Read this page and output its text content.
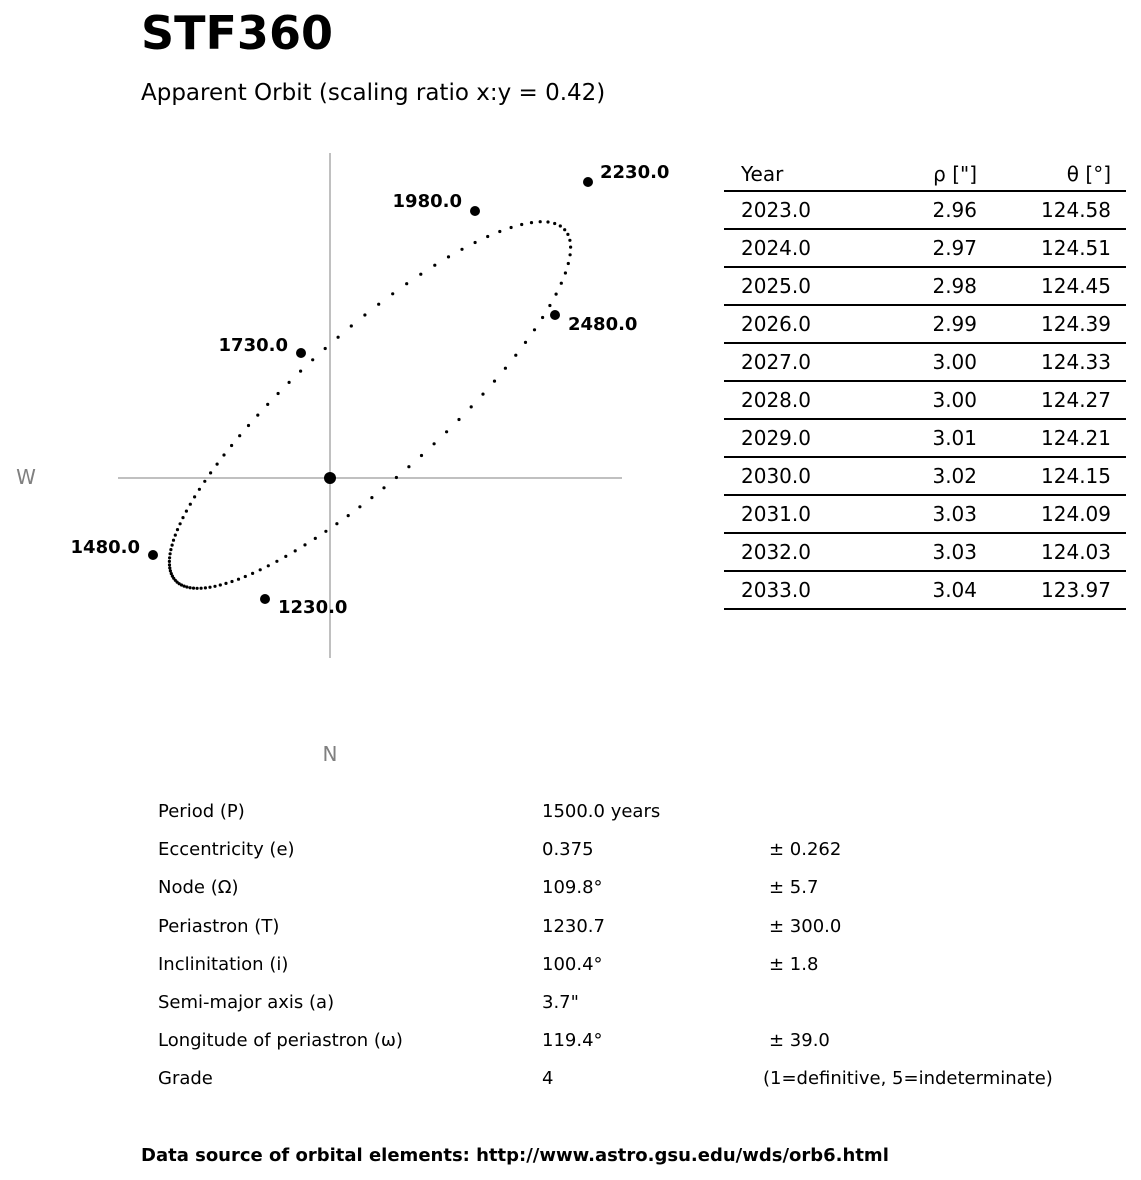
STF360
Apparent Orbit (scaling ratio x:y = 0.42)
1230.0
1480.0
1730.0
1980.0
2230.0
2480.0
W
N
Year	ρ ["]	θ [°]
2023.0	2.96	124.58
2024.0	2.97	124.51
2025.0	2.98	124.45
2026.0	2.99	124.39
2027.0	3.00	124.33
2028.0	3.00	124.27
2029.0	3.01	124.21
2030.0	3.02	124.15
2031.0	3.03	124.09
2032.0	3.03	124.03
2033.0	3.04	123.97
Period (P)	1500.0 years
Eccentricity (e)	0.375	± 0.262
Node (Ω)	109.8°	± 5.7
Periastron (T)	1230.7	± 300.0
Inclinitation (i)	100.4°	± 1.8
Semi-major axis (a)	3.7"
Longitude of periastron (ω)	119.4°	± 39.0
Grade	4	(1=definitive, 5=indeterminate)
Data source of orbital elements: http://www.astro.gsu.edu/wds/orb6.html
